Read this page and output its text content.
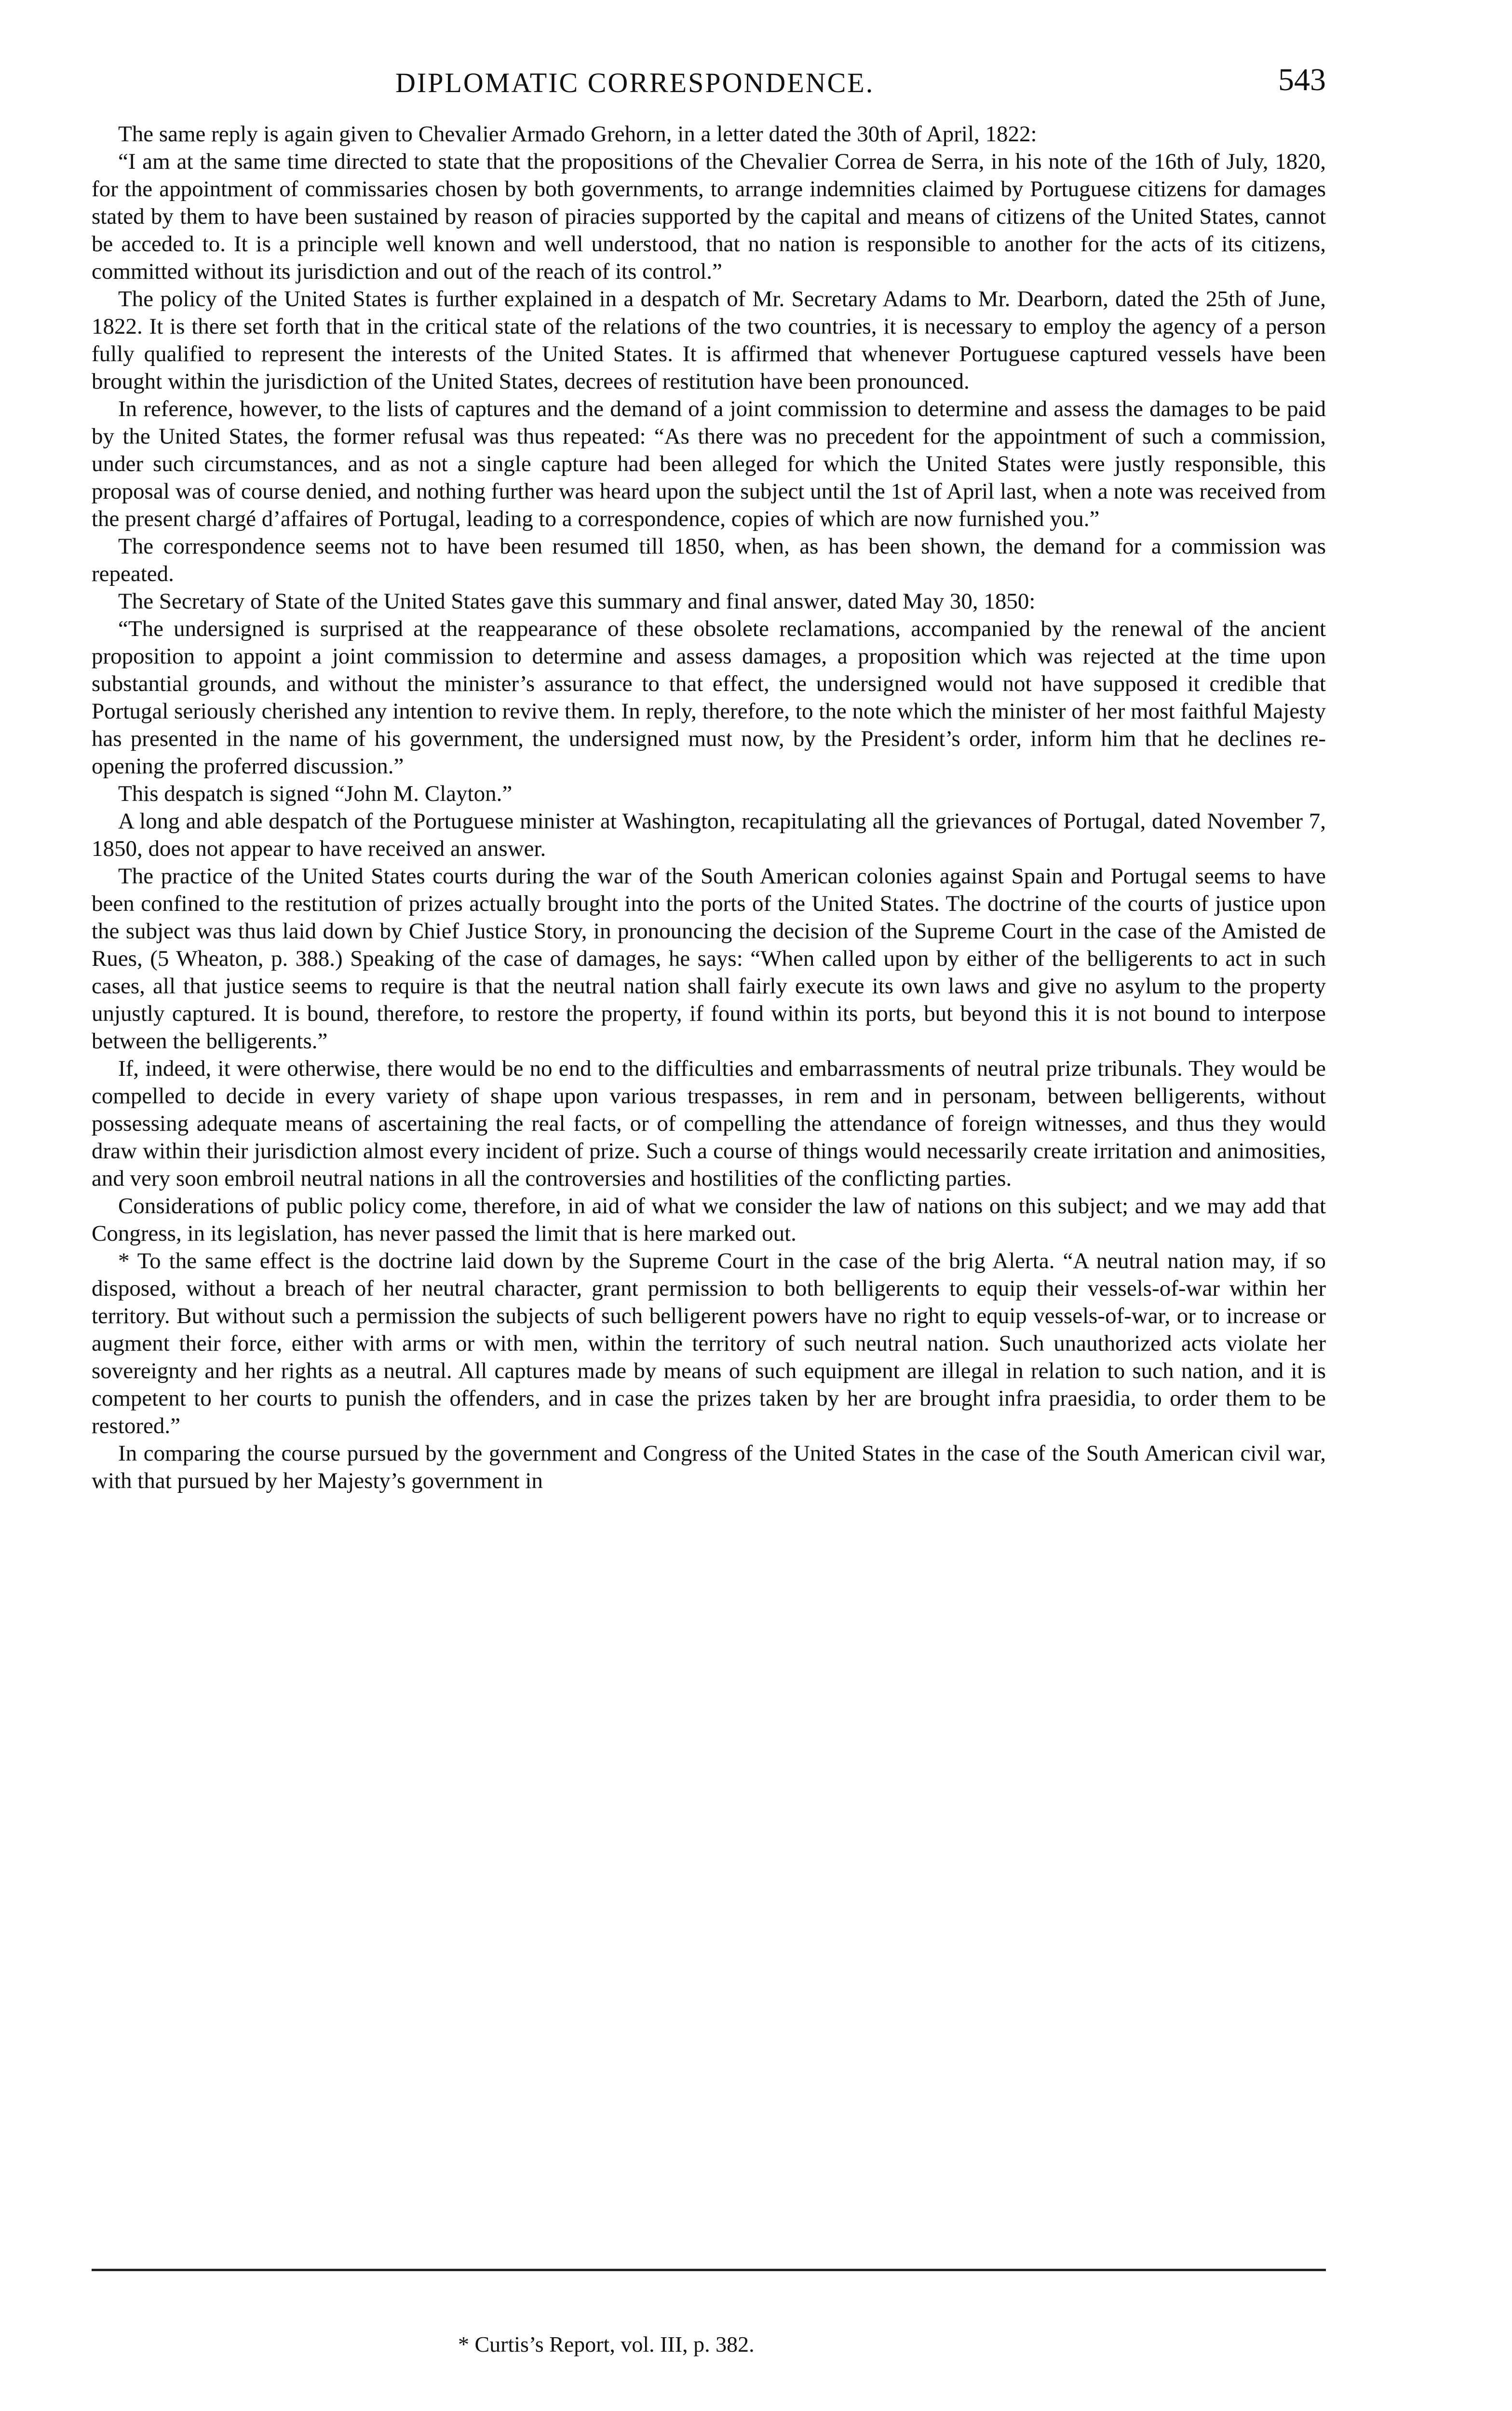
DIPLOMATIC CORRESPONDENCE.	543

The same reply is again given to Chevalier Armado Grehorn, in a letter dated the 30th of April, 1822:

“I am at the same time directed to state that the propositions of the Chevalier Correa de Serra, in his note of the 16th of July, 1820, for the appointment of commissaries chosen by both governments, to arrange indemnities claimed by Portuguese citizens for damages stated by them to have been sustained by reason of piracies supported by the capital and means of citizens of the United States, cannot be acceded to. It is a principle well known and well understood, that no nation is responsible to another for the acts of its citizens, committed without its jurisdiction and out of the reach of its control.”

The policy of the United States is further explained in a despatch of Mr. Secretary Adams to Mr. Dearborn, dated the 25th of June, 1822. It is there set forth that in the critical state of the relations of the two countries, it is necessary to employ the agency of a person fully qualified to represent the interests of the United States. It is affirmed that whenever Portuguese captured vessels have been brought within the jurisdiction of the United States, decrees of restitution have been pronounced.

In reference, however, to the lists of captures and the demand of a joint commission to determine and assess the damages to be paid by the United States, the former refusal was thus repeated: “As there was no precedent for the appointment of such a commission, under such circumstances, and as not a single capture had been alleged for which the United States were justly responsible, this proposal was of course denied, and nothing further was heard upon the subject until the 1st of April last, when a note was received from the present chargé d’affaires of Portugal, leading to a correspondence, copies of which are now furnished you.”

The correspondence seems not to have been resumed till 1850, when, as has been shown, the demand for a commission was repeated.

The Secretary of State of the United States gave this summary and final answer, dated May 30, 1850:

“The undersigned is surprised at the reappearance of these obsolete reclamations, accompanied by the renewal of the ancient proposition to appoint a joint commission to determine and assess damages, a proposition which was rejected at the time upon substantial grounds, and without the minister’s assurance to that effect, the undersigned would not have supposed it credible that Portugal seriously cherished any intention to revive them. In reply, therefore, to the note which the minister of her most faithful Majesty has presented in the name of his government, the undersigned must now, by the President’s order, inform him that he declines re-opening the proferred discussion.”

This despatch is signed “John M. Clayton.”

A long and able despatch of the Portuguese minister at Washington, recapitulating all the grievances of Portugal, dated November 7, 1850, does not appear to have received an answer.

The practice of the United States courts during the war of the South American colonies against Spain and Portugal seems to have been confined to the restitution of prizes actually brought into the ports of the United States. The doctrine of the courts of justice upon the subject was thus laid down by Chief Justice Story, in pronouncing the decision of the Supreme Court in the case of the Amisted de Rues, (5 Wheaton, p. 388.) Speaking of the case of damages, he says: “When called upon by either of the belligerents to act in such cases, all that justice seems to require is that the neutral nation shall fairly execute its own laws and give no asylum to the property unjustly captured. It is bound, therefore, to restore the property, if found within its ports, but beyond this it is not bound to interpose between the belligerents.”

If, indeed, it were otherwise, there would be no end to the difficulties and embarrassments of neutral prize tribunals. They would be compelled to decide in every variety of shape upon various trespasses, in rem and in personam, between belligerents, without possessing adequate means of ascertaining the real facts, or of compelling the attendance of foreign witnesses, and thus they would draw within their jurisdiction almost every incident of prize. Such a course of things would necessarily create irritation and animosities, and very soon embroil neutral nations in all the controversies and hostilities of the conflicting parties.

Considerations of public policy come, therefore, in aid of what we consider the law of nations on this subject; and we may add that Congress, in its legislation, has never passed the limit that is here marked out.

* To the same effect is the doctrine laid down by the Supreme Court in the case of the brig Alerta. “A neutral nation may, if so disposed, without a breach of her neutral character, grant permission to both belligerents to equip their vessels-of-war within her territory. But without such a permission the subjects of such belligerent powers have no right to equip vessels-of-war, or to increase or augment their force, either with arms or with men, within the territory of such neutral nation. Such unauthorized acts violate her sovereignty and her rights as a neutral. All captures made by means of such equipment are illegal in relation to such nation, and it is competent to her courts to punish the offenders, and in case the prizes taken by her are brought infra praesidia, to order them to be restored.”

In comparing the course pursued by the government and Congress of the United States in the case of the South American civil war, with that pursued by her Majesty’s government in

* Curtis’s Report, vol. III, p. 382.
